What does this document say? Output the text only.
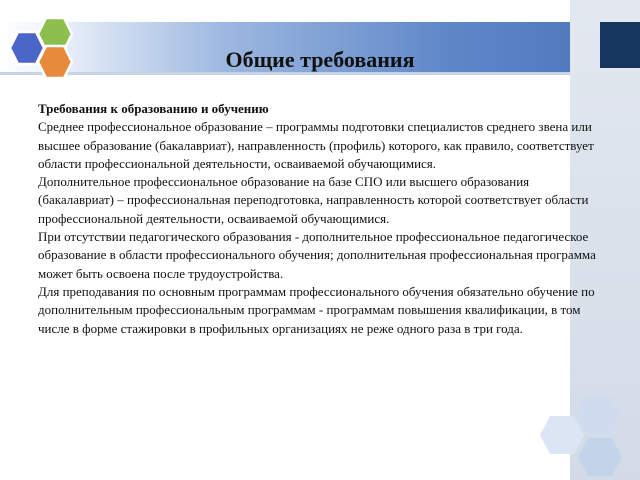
Общие требования

Требования к образованию и обучению

Среднее профессиональное образование – программы подготовки специалистов среднего звена или высшее образование (бакалавриат), направленность (профиль) которого, как правило, соответствует области профессиональной деятельности, осваиваемой обучающимися.

Дополнительное профессиональное образование на базе СПО или высшего образования (бакалавриат) – профессиональная переподготовка, направленность которой соответствует области профессиональной деятельности, осваиваемой обучающимися.

При отсутствии педагогического образования - дополнительное профессиональное педагогическое образование в области профессионального обучения; дополнительная профессиональная программа может быть освоена после трудоустройства.

Для преподавания по основным программам профессионального обучения обязательно обучение по дополнительным профессиональным программам - программам повышения квалификации, в том числе в форме стажировки в профильных организациях не реже одного раза в три года.
